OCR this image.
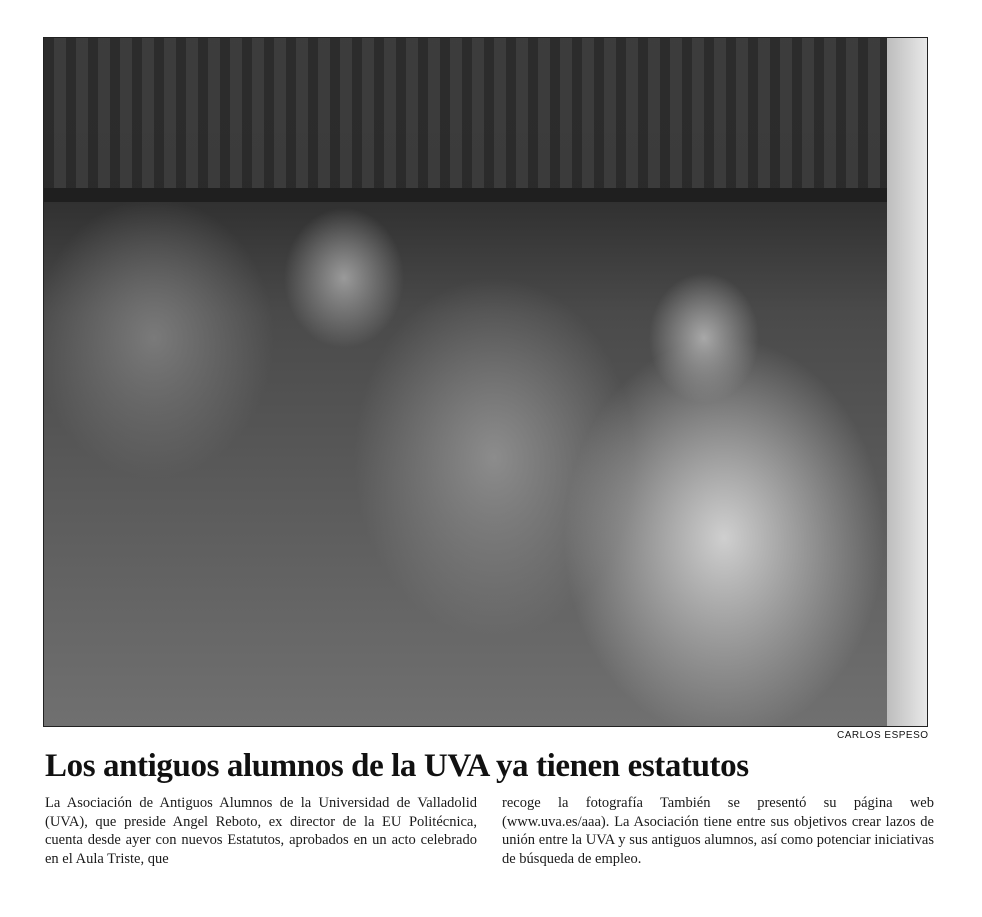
CARLOS ESPESO
Los antiguos alumnos de la UVA ya tienen estatutos
La Asociación de Antiguos Alumnos de la Universidad de Valladolid (UVA), que preside Angel Reboto, ex director de la EU Politécnica, cuenta desde ayer con nuevos Estatutos, aprobados en un acto celebrado en el Aula Triste, que
recoge la fotografía También se presentó su página web (www.uva.es/aaa). La Asociación tiene entre sus objetivos crear lazos de unión entre la UVA y sus antiguos alumnos, así como potenciar iniciativas de búsqueda de empleo.
